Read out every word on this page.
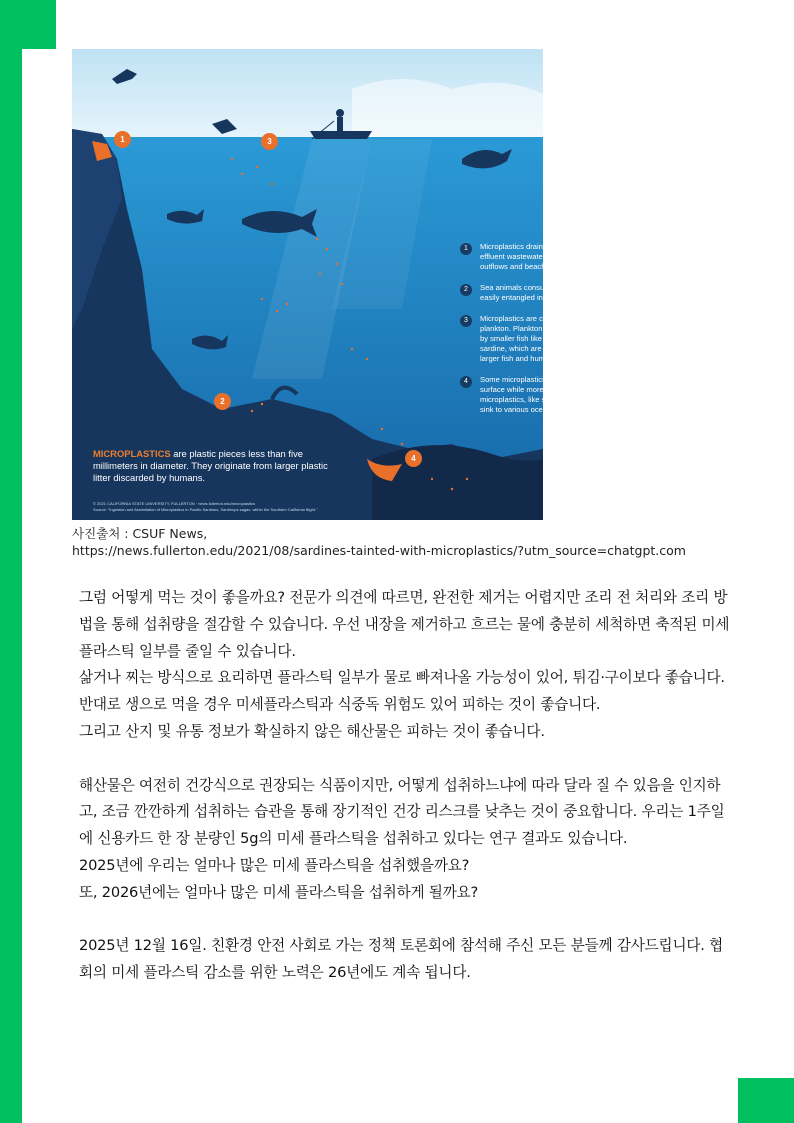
1	3
2
4
1	Microplastics drain to the ocean via effluent wastewater systems, river outflows and beach sediments.
2	Sea animals consume them or are easily entangled in them.
3	Microplastics are consumed by plankton. Plankton are then eaten by smaller fish like the Pacific sardine, which are then eaten by larger fish and humans.
4	Some microplastics float on the surface while more dense microplastics, like soda bottles, sink to various ocean depths.
MICROPLASTICS are plastic pieces less than five millimeters in diameter. They originate from larger plastic litter discarded by humans.
© 2021 CALIFORNIA STATE UNIVERSITY, FULLERTON · news.fullerton.edu/microplastics
Source: "Ingestion and Assimilation of Microplastics in Pacific Sardines, Sardinops sagax, within the Southern California Bight."
사진출처 : CSUF News,
https://news.fullerton.edu/2021/08/sardines-tainted-with-microplastics/?utm_source=chatgpt.com

그럼 어떻게 먹는 것이 좋을까요? 전문가 의견에 따르면, 완전한 제거는 어렵지만 조리 전 처리와 조리 방법을 통해 섭취량을 절감할 수 있습니다. 우선 내장을 제거하고 흐르는 물에 충분히 세척하면 축적된 미세플라스틱 일부를 줄일 수 있습니다.

삶거나 찌는 방식으로 요리하면 플라스틱 일부가 물로 빠져나올 가능성이 있어, 튀김·구이보다 좋습니다. 반대로 생으로 먹을 경우 미세플라스틱과 식중독 위험도 있어 피하는 것이 좋습니다.

그리고 산지 및 유통 정보가 확실하지 않은 해산물은 피하는 것이 좋습니다.

해산물은 여전히 건강식으로 권장되는 식품이지만, 어떻게 섭취하느냐에 따라 달라 질 수 있음을 인지하고, 조금 깐깐하게 섭취하는 습관을 통해 장기적인 건강 리스크를 낮추는 것이 중요합니다. 우리는 1주일에 신용카드 한 장 분량인 5g의 미세 플라스틱을 섭취하고 있다는 연구 결과도 있습니다.

2025년에 우리는 얼마나 많은 미세 플라스틱을 섭취했을까요?

또, 2026년에는 얼마나 많은 미세 플라스틱을 섭취하게 될까요?

2025년 12월 16일. 친환경 안전 사회로 가는 정책 토론회에 참석해 주신 모든 분들께 감사드립니다. 협회의 미세 플라스틱 감소를 위한 노력은 26년에도 계속 됩니다.
